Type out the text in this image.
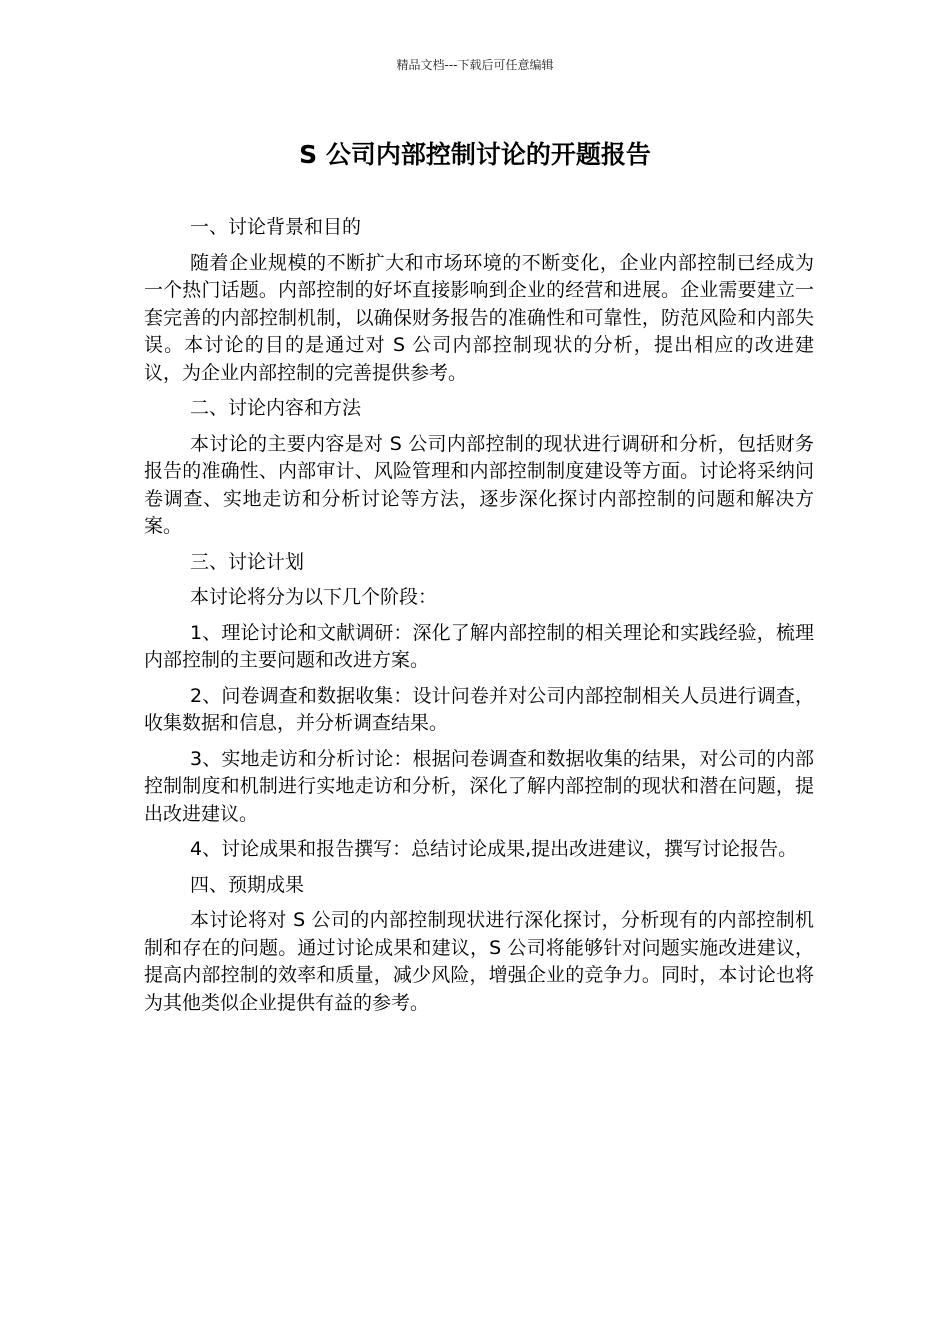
精品文档---下载后可任意编辑
S 公司内部控制讨论的开题报告

一、讨论背景和目的

随着企业规模的不断扩大和市场环境的不断变化，企业内部控制已经成为一个热门话题。内部控制的好坏直接影响到企业的经营和进展。企业需要建立一套完善的内部控制机制，以确保财务报告的准确性和可靠性，防范风险和内部失误。本讨论的目的是通过对 S 公司内部控制现状的分析，提出相应的改进建议，为企业内部控制的完善提供参考。

二、讨论内容和方法

本讨论的主要内容是对 S 公司内部控制的现状进行调研和分析，包括财务报告的准确性、内部审计、风险管理和内部控制制度建设等方面。讨论将采纳问卷调查、实地走访和分析讨论等方法，逐步深化探讨内部控制的问题和解决方案。

三、讨论计划

本讨论将分为以下几个阶段：

1、理论讨论和文献调研：深化了解内部控制的相关理论和实践经验，梳理内部控制的主要问题和改进方案。

2、问卷调查和数据收集：设计问卷并对公司内部控制相关人员进行调查，收集数据和信息，并分析调查结果。

3、实地走访和分析讨论：根据问卷调查和数据收集的结果，对公司的内部控制制度和机制进行实地走访和分析，深化了解内部控制的现状和潜在问题，提出改进建议。

4、讨论成果和报告撰写：总结讨论成果,提出改进建议，撰写讨论报告。

四、预期成果

本讨论将对 S 公司的内部控制现状进行深化探讨，分析现有的内部控制机制和存在的问题。通过讨论成果和建议，S 公司将能够针对问题实施改进建议，提高内部控制的效率和质量，减少风险，增强企业的竞争力。同时，本讨论也将为其他类似企业提供有益的参考。
